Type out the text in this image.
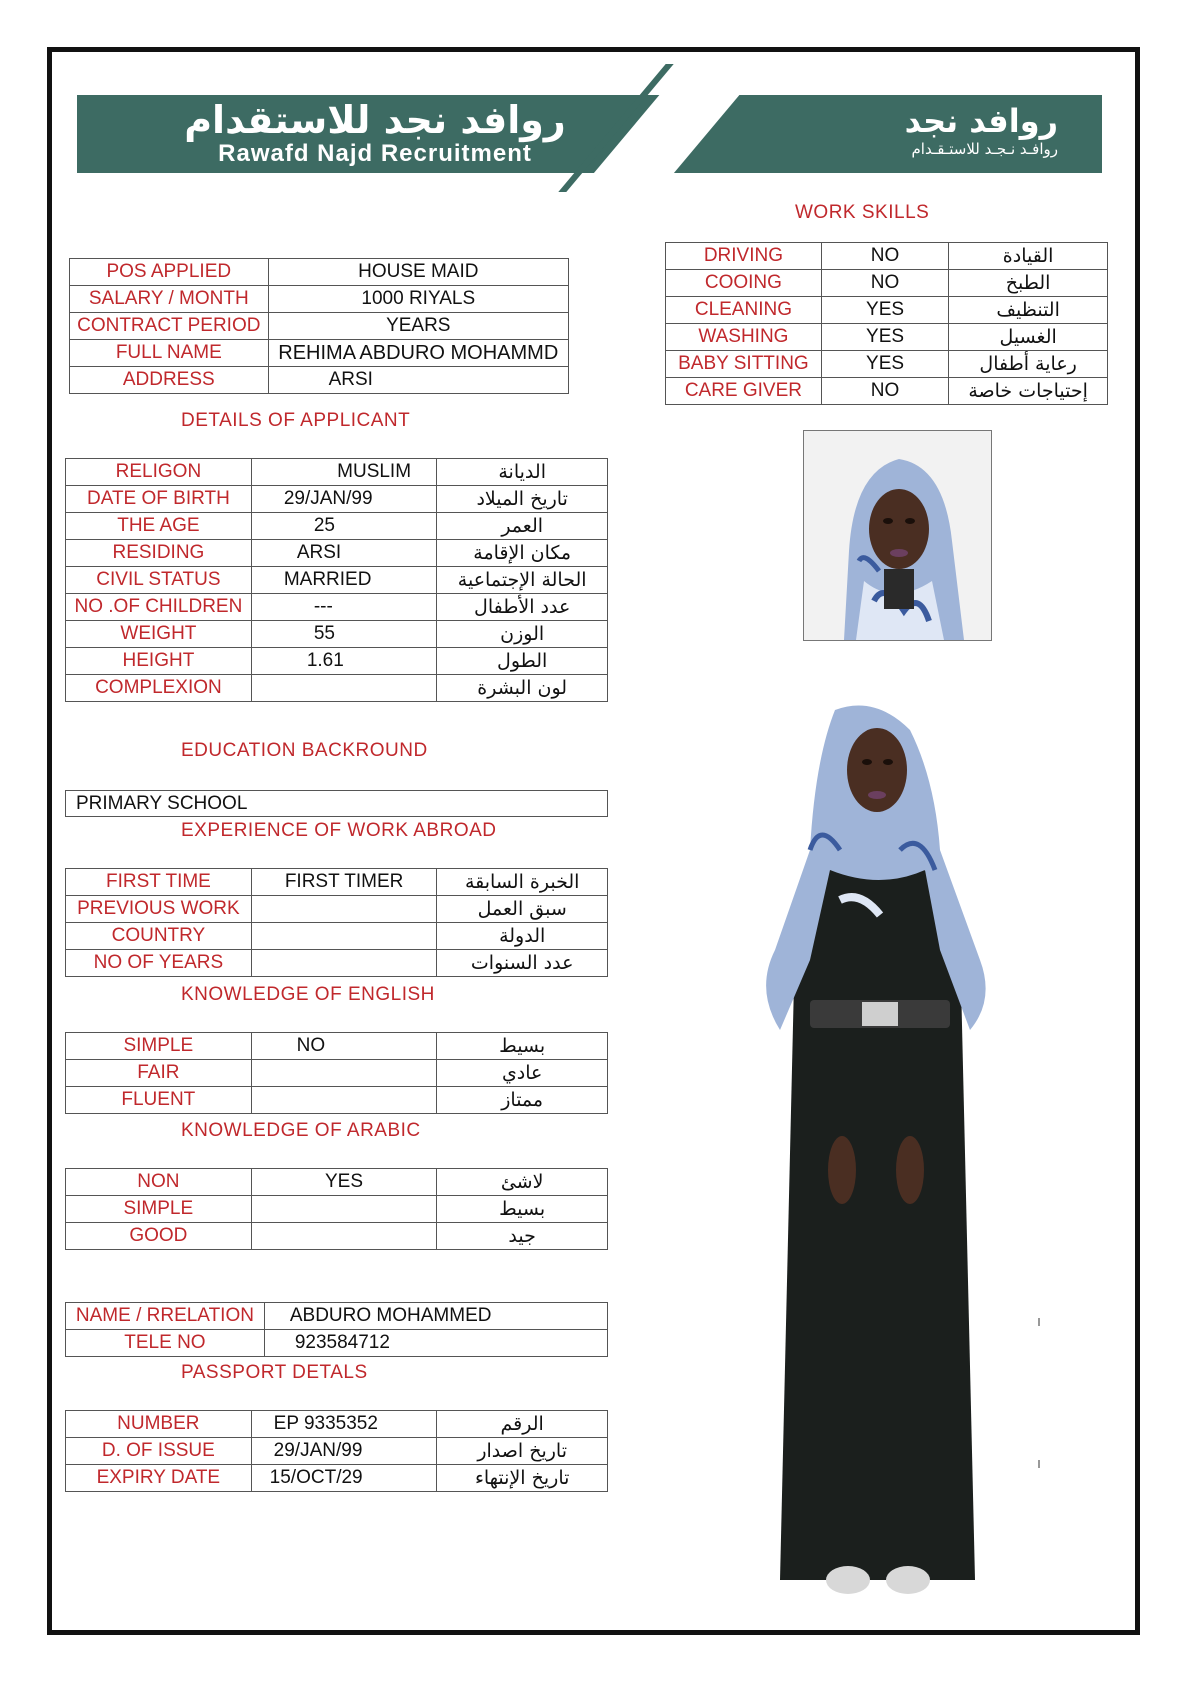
روافد نجد للاستقدام
Rawafd Najd Recruitment
روافد نجد
روافـد نـجـد للاستـقـدام
WORK SKILLS
DRIVING	NO	القيادة
COOING	NO	الطبخ
CLEANING	YES	التنظيف
WASHING	YES	الغسيل
BABY SITTING	YES	رعاية أطفال
CARE GIVER	NO	إحتياجات خاصة
POS APPLIED	HOUSE MAID
SALARY / MONTH	1000 RIYALS
CONTRACT PERIOD	YEARS
FULL NAME	REHIMA ABDURO MOHAMMD
ADDRESS	ARSI
DETAILS OF APPLICANT
RELIGON	MUSLIM	الديانة
DATE OF BIRTH	29/JAN/99	تاريخ الميلاد
THE AGE	25	العمر
RESIDING	ARSI	مكان الإقامة
CIVIL STATUS	MARRIED	الحالة الإجتماعية
NO .OF CHILDREN	---	عدد الأطفال
WEIGHT	55	الوزن
HEIGHT	1.61	الطول
COMPLEXION		لون البشرة
EDUCATION BACKROUND
PRIMARY SCHOOL
EXPERIENCE OF WORK ABROAD
FIRST TIME	FIRST TIMER	الخبرة السابقة
PREVIOUS WORK		سبق العمل
COUNTRY		الدولة
NO OF YEARS		عدد السنوات
KNOWLEDGE OF ENGLISH
SIMPLE	NO	بسيط
FAIR		عادي
FLUENT		ممتاز
KNOWLEDGE OF ARABIC
NON	YES	لاشئ
SIMPLE		بسيط
GOOD		جيد
NAME / RRELATION	ABDURO MOHAMMED
TELE NO	923584712
PASSPORT DETALS
NUMBER	EP 9335352	الرقم
D. OF ISSUE	29/JAN/99	تاريخ اصدار
EXPIRY DATE	15/OCT/29	تاريخ الإنتهاء
